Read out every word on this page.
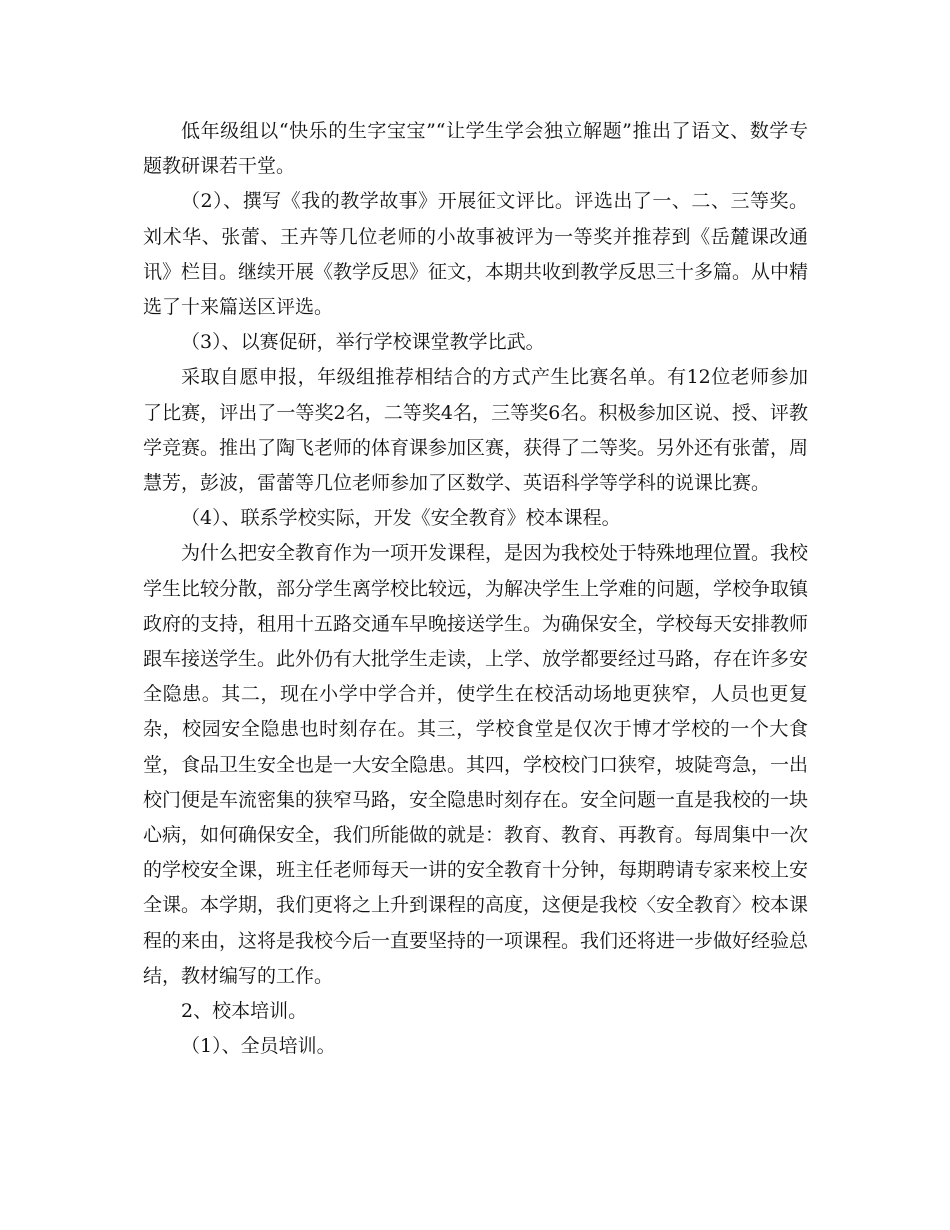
低年级组以“快乐的生字宝宝”“让学生学会独立解题”推出了语文、数学专题教研课若干堂。

（2）、撰写《我的教学故事》开展征文评比。评选出了一、二、三等奖。刘术华、张蕾、王卉等几位老师的小故事被评为一等奖并推荐到《岳麓课改通讯》栏目。继续开展《教学反思》征文，本期共收到教学反思三十多篇。从中精选了十来篇送区评选。

（3）、以赛促研，举行学校课堂教学比武。

采取自愿申报，年级组推荐相结合的方式产生比赛名单。有12位老师参加了比赛，评出了一等奖2名，二等奖4名，三等奖6名。积极参加区说、授、评教学竞赛。推出了陶飞老师的体育课参加区赛，获得了二等奖。另外还有张蕾，周慧芳，彭波，雷蕾等几位老师参加了区数学、英语科学等学科的说课比赛。

（4）、联系学校实际，开发《安全教育》校本课程。

为什么把安全教育作为一项开发课程，是因为我校处于特殊地理位置。我校学生比较分散，部分学生离学校比较远，为解决学生上学难的问题，学校争取镇政府的支持，租用十五路交通车早晚接送学生。为确保安全，学校每天安排教师跟车接送学生。此外仍有大批学生走读，上学、放学都要经过马路，存在许多安全隐患。其二，现在小学中学合并，使学生在校活动场地更狭窄，人员也更复杂，校园安全隐患也时刻存在。其三，学校食堂是仅次于博才学校的一个大食堂，食品卫生安全也是一大安全隐患。其四，学校校门口狭窄，坡陡弯急，一出校门便是车流密集的狭窄马路，安全隐患时刻存在。安全问题一直是我校的一块心病，如何确保安全，我们所能做的就是：教育、教育、再教育。每周集中一次的学校安全课，班主任老师每天一讲的安全教育十分钟，每期聘请专家来校上安全课。本学期，我们更将之上升到课程的高度，这便是我校〈安全教育〉校本课程的来由，这将是我校今后一直要坚持的一项课程。我们还将进一步做好经验总结，教材编写的工作。

2、校本培训。

（1）、全员培训。
